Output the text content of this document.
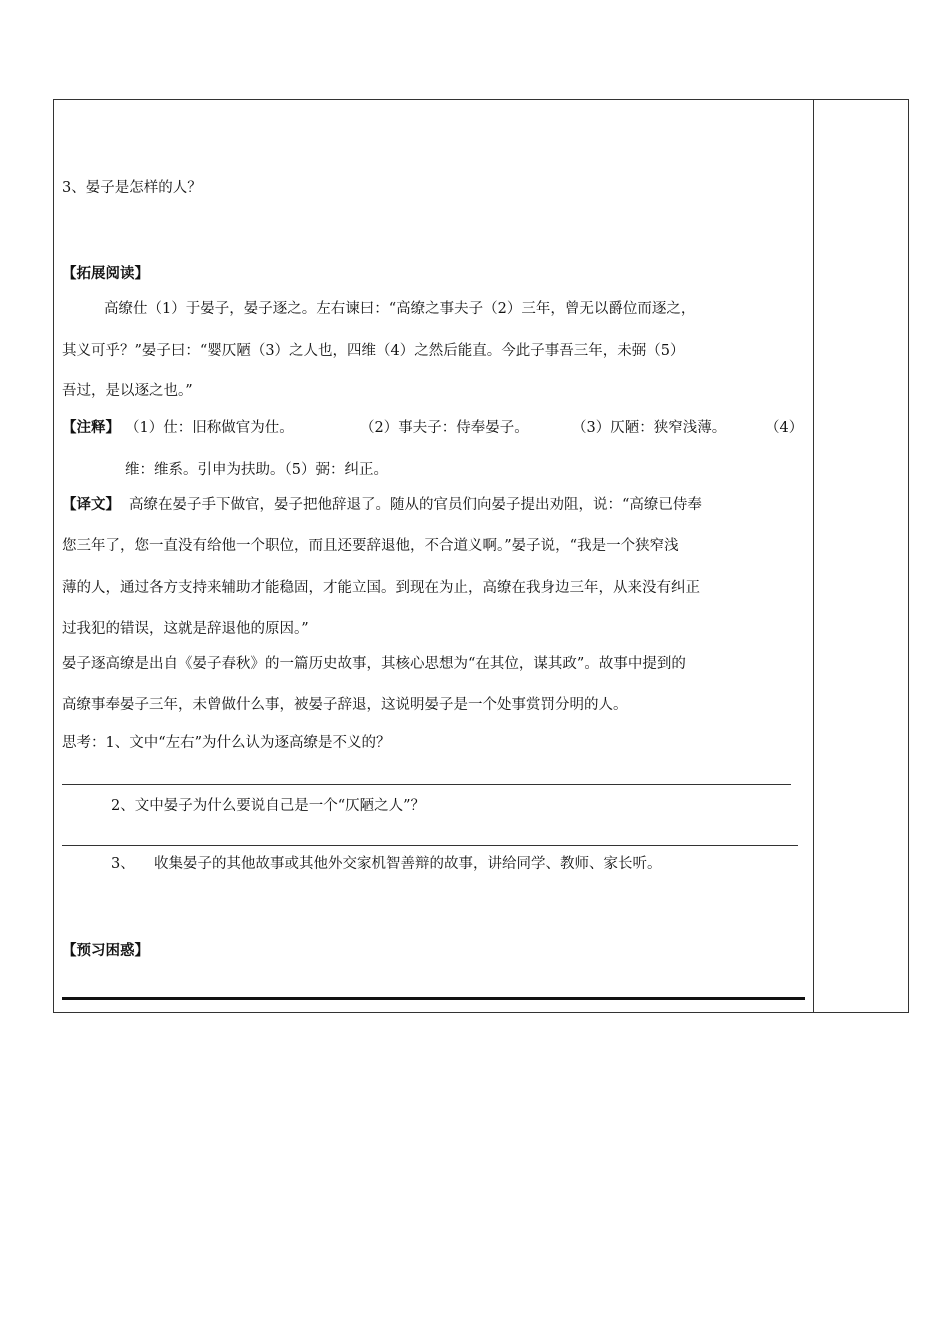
3、晏子是怎样的人？
【拓展阅读】
高缭仕（1）于晏子，晏子逐之。左右谏曰：“高缭之事夫子（2）三年，曾无以爵位而逐之，
其义可乎？”晏子曰：“婴仄陋（3）之人也，四维（4）之然后能直。今此子事吾三年，未弼（5）
吾过，是以逐之也。”
【注释】 （1）仕：旧称做官为仕。	（2）事夫子：侍奉晏子。	（3）仄陋：狭窄浅薄。	（4）
维：维系。引申为扶助。（5）弼：纠正。
【译文】 高缭在晏子手下做官，晏子把他辞退了。随从的官员们向晏子提出劝阻，说：“高缭已侍奉
您三年了，您一直没有给他一个职位，而且还要辞退他，不合道义啊。”晏子说，“我是一个狭窄浅
薄的人，通过各方支持来辅助才能稳固，才能立国。到现在为止，高缭在我身边三年，从来没有纠正
过我犯的错误，这就是辞退他的原因。”
晏子逐高缭是出自《晏子春秋》的一篇历史故事，其核心思想为“在其位，谋其政”。故事中提到的
高缭事奉晏子三年，未曾做什么事，被晏子辞退，这说明晏子是一个处事赏罚分明的人。
思考：1、文中“左右”为什么认为逐高缭是不义的？
2、文中晏子为什么要说自己是一个“仄陋之人”？
3、 收集晏子的其他故事或其他外交家机智善辩的故事，讲给同学、教师、家长听。
【预习困惑】
